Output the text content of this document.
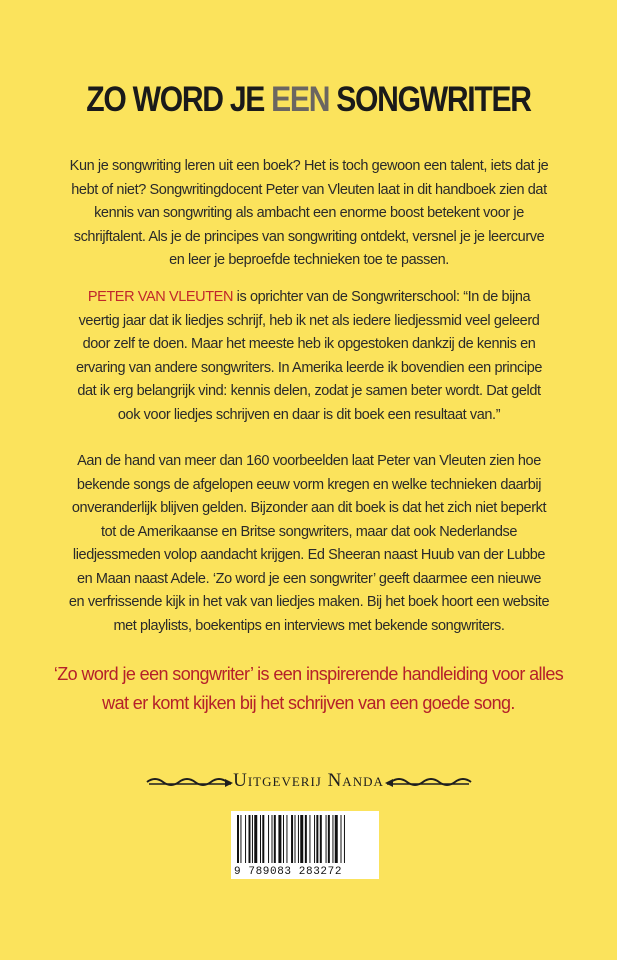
ZO WORD JE EEN SONGWRITER

Kun je songwriting leren uit een boek? Het is toch gewoon een talent, iets dat je hebt of niet? Songwritingdocent Peter van Vleuten laat in dit handboek zien dat kennis van songwriting als ambacht een enorme boost betekent voor je schrijftalent. Als je de principes van songwriting ontdekt, versnel je je leercurve en leer je beproefde technieken toe te passen.

PETER VAN VLEUTEN is oprichter van de Songwriterschool: “In de bijna veertig jaar dat ik liedjes schrijf, heb ik net als iedere liedjessmid veel geleerd door zelf te doen. Maar het meeste heb ik opgestoken dankzij de kennis en ervaring van andere songwriters. In Amerika leerde ik bovendien een principe dat ik erg belangrijk vind: kennis delen, zodat je samen beter wordt. Dat geldt ook voor liedjes schrijven en daar is dit boek een resultaat van.”

Aan de hand van meer dan 160 voorbeelden laat Peter van Vleuten zien hoe bekende songs de afgelopen eeuw vorm kregen en welke technieken daarbij onveranderlijk blijven gelden. Bijzonder aan dit boek is dat het zich niet beperkt tot de Amerikaanse en Britse songwriters, maar dat ook Nederlandse liedjessmeden volop aandacht krijgen. Ed Sheeran naast Huub van der Lubbe en Maan naast Adele. ‘Zo word je een songwriter’ geeft daarmee een nieuwe en verfrissende kijk in het vak van liedjes maken. Bij het boek hoort een website met playlists, boekentips en interviews met bekende songwriters.

‘Zo word je een songwriter’ is een inspirerende handleiding voor alles wat er komt kijken bij het schrijven van een goede song.

Uitgeverij Nanda
9 789083 283272
